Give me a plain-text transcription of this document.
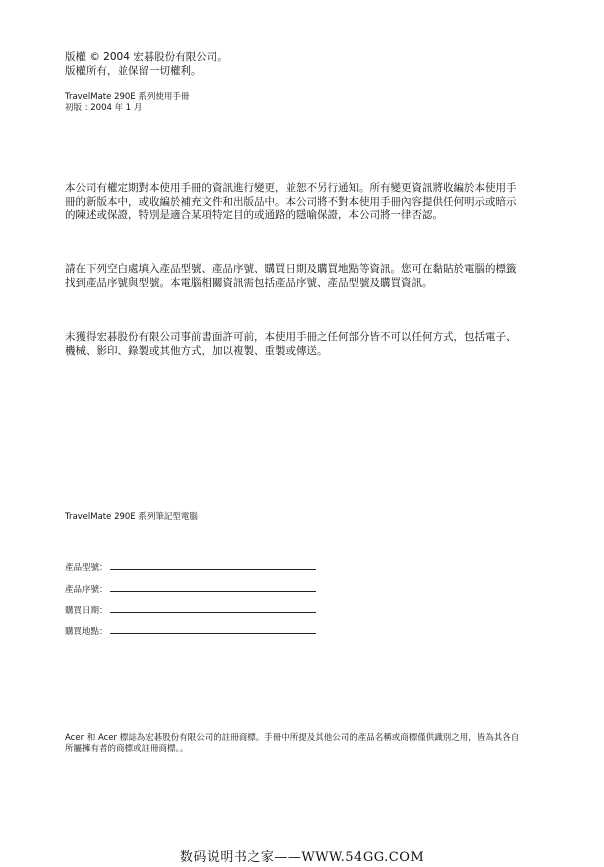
版權 © 2004 宏碁股份有限公司。

版權所有，並保留一切權利。

TravelMate 290E 系列使用手冊

初版 : 2004 年 1 月

本公司有權定期對本使用手冊的資訊進行變更，並恕不另行通知。所有變更資訊將收編於本使用手冊的新版本中，或收編於補充文件和出版品中。本公司將不對本使用手冊內容提供任何明示或暗示的陳述或保證，特別是適合某項特定目的或通路的隱喻保證，本公司將一律否認。

請在下列空白處填入產品型號、產品序號、購買日期及購買地點等資訊。您可在黏貼於電腦的標籤找到產品序號與型號。本電腦相關資訊需包括產品序號、產品型號及購買資訊。

未獲得宏碁股份有限公司事前書面許可前，本使用手冊之任何部分皆不可以任何方式，包括電子、機械、影印、錄製或其他方式，加以複製、重製或傳送。

TravelMate 290E 系列筆記型電腦

產品型號：
產品序號：
購買日期：
購買地點：

Acer 和 Acer 標誌為宏碁股份有限公司的註冊商標。手冊中所提及其他公司的產品名稱或商標僅供識別之用，皆為其各自所屬擁有者的商標或註冊商標。。

数码说明书之家——WWW.54GG.COM
